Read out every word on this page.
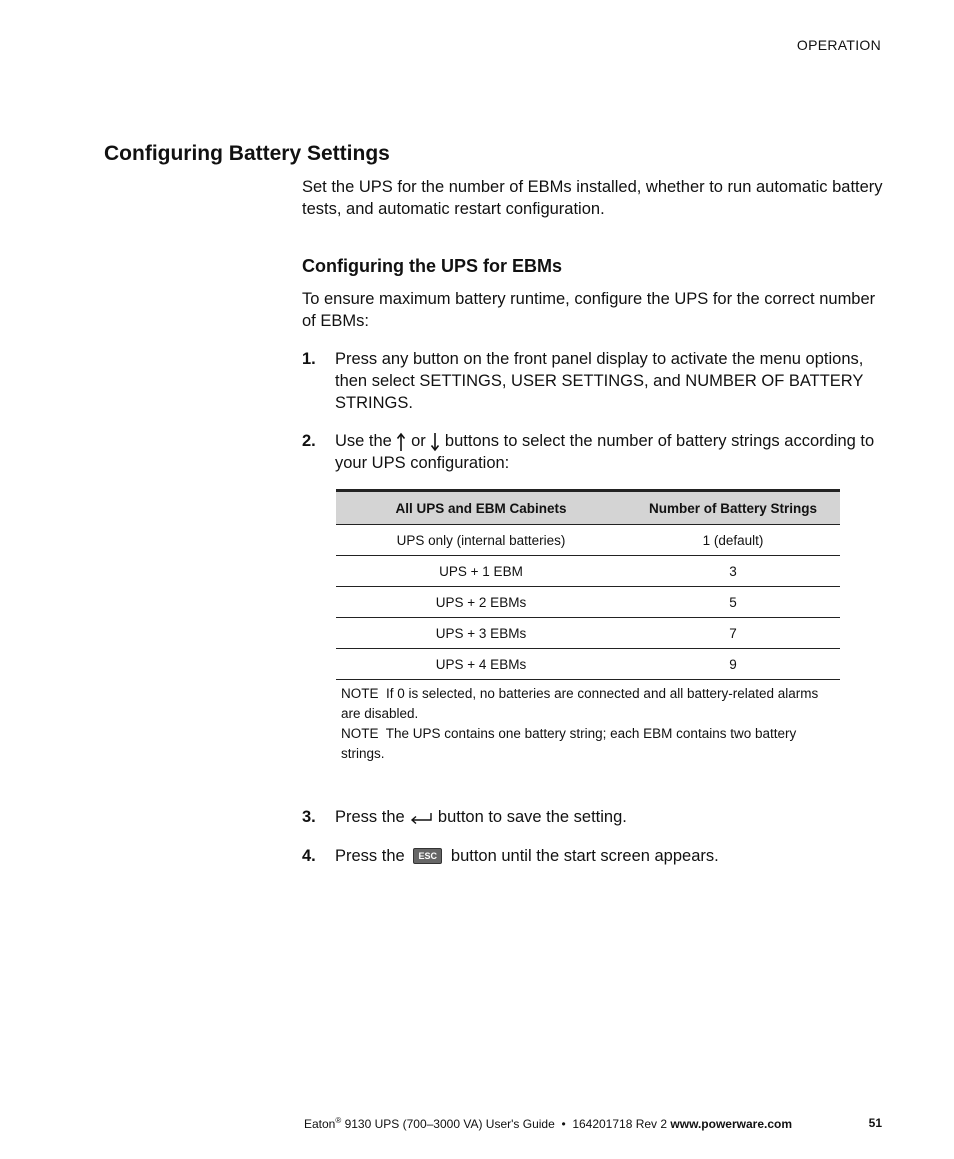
OPERATION
Configuring Battery Settings
Set the UPS for the number of EBMs installed, whether to run automatic battery tests, and automatic restart configuration.
Configuring the UPS for EBMs
To ensure maximum battery runtime, configure the UPS for the correct number of EBMs:
1. Press any button on the front panel display to activate the menu options, then select SETTINGS, USER SETTINGS, and NUMBER OF BATTERY STRINGS.
2. Use the or buttons to select the number of battery strings according to your UPS configuration:
All UPS and EBM Cabinets	Number of Battery Strings
UPS only (internal batteries)	1 (default)
UPS + 1 EBM	3
UPS + 2 EBMs	5
UPS + 3 EBMs	7
UPS + 4 EBMs	9

NOTE If 0 is selected, no batteries are connected and all battery-related alarms are disabled.

NOTE The UPS contains one battery string; each EBM contains two battery strings.

3. Press the button to save the setting.
4. Press the ESC button until the start screen appears.
Eaton® 9130 UPS (700–3000 VA) User's Guide • 164201718 Rev 2 www.powerware.com	51
